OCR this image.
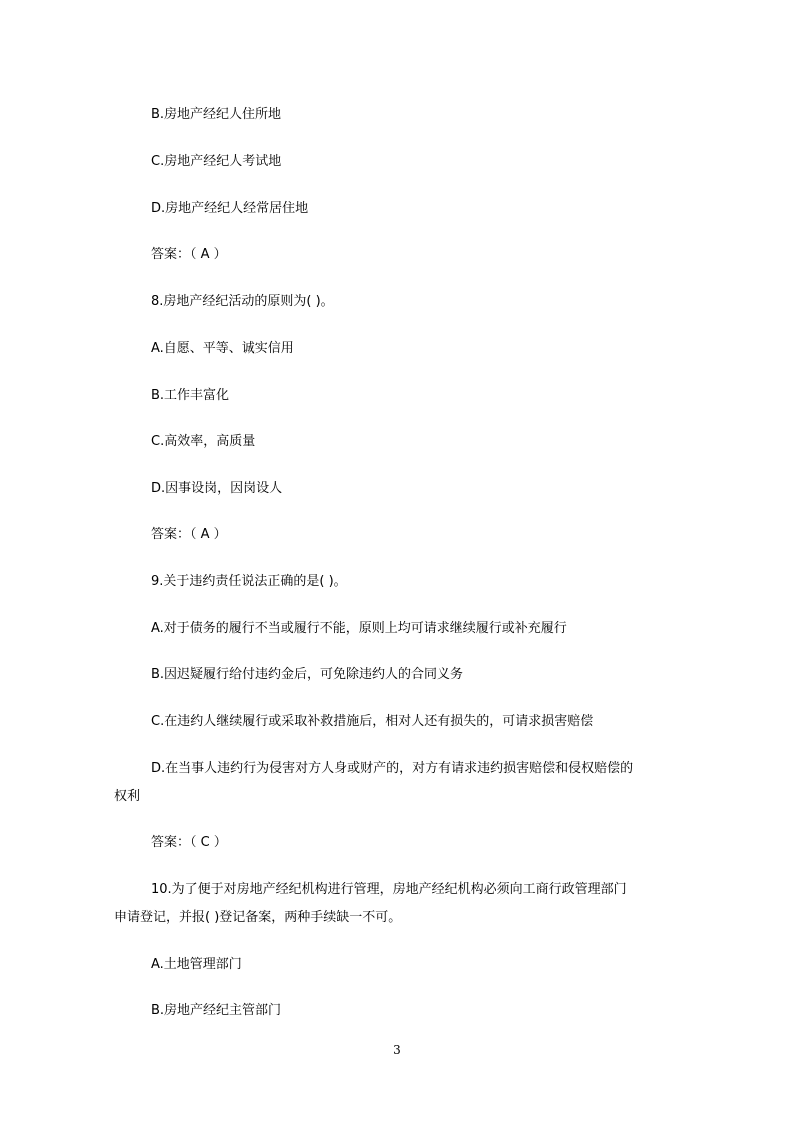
B.房地产经纪人住所地
C.房地产经纪人考试地
D.房地产经纪人经常居住地
答案：（ A ）
8.房地产经纪活动的原则为( )。
A.自愿、平等、诚实信用
B.工作丰富化
C.高效率，高质量
D.因事设岗，因岗设人
答案：（ A ）
9.关于违约责任说法正确的是( )。
A.对于债务的履行不当或履行不能，原则上均可请求继续履行或补充履行
B.因迟疑履行给付违约金后，可免除违约人的合同义务
C.在违约人继续履行或采取补救措施后，相对人还有损失的，可请求损害赔偿
D.在当事人违约行为侵害对方人身或财产的，对方有请求违约损害赔偿和侵权赔偿的
权利
答案：（ C ）
10.为了便于对房地产经纪机构进行管理，房地产经纪机构必须向工商行政管理部门
申请登记，并报( )登记备案，两种手续缺一不可。
A.土地管理部门
B.房地产经纪主管部门
3
